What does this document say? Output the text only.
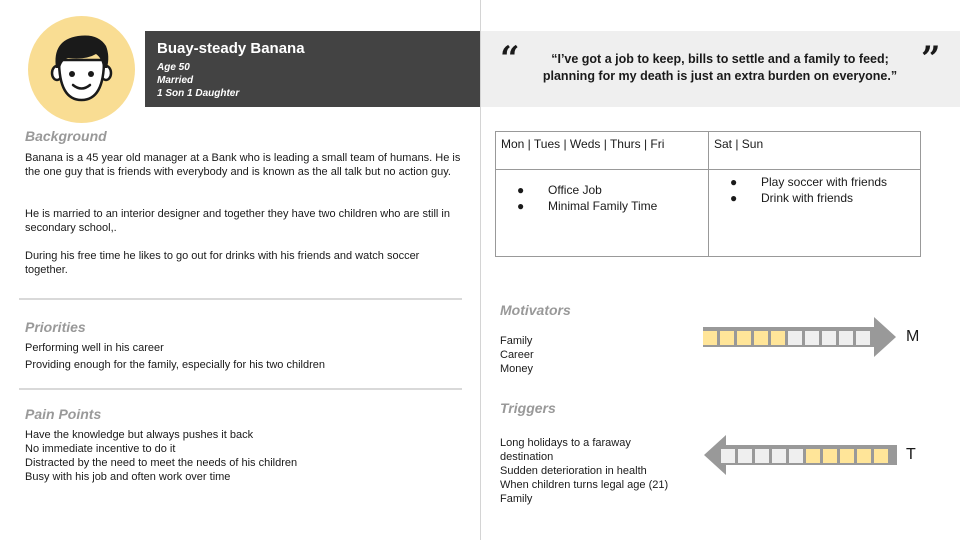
Buay-steady Banana
Age 50
Married
1 Son 1 Daughter
“	”
“I’ve got a job to keep, bills to settle and a family to feed; planning for my death is just an extra burden on everyone.”
Background
Banana is a 45 year old manager at a Bank who is leading a small team of humans. He is the one guy that is friends with everybody and is known as the all talk but no action guy.
He is married to an interior designer and together they have two children who are still in secondary school,.
During his free time he likes to go out for drinks with his friends and watch soccer together.
Priorities
Performing well in his career
Providing enough for the family, especially for his two children
Pain Points
Have the knowledge but always pushes it back
No immediate incentive to do it
Distracted by the need to meet the needs of his children
Busy with his job and often work over time
Mon | Tues | Weds | Thurs | Fri	Sat | Sun
● Office Job
● Minimal Family Time
● Play soccer with friends
● Drink with friends
Motivators
Family
Career
Money
M
Triggers
Long holidays to a faraway
destination
Sudden deterioration in health
When children turns legal age (21)
Family
T
